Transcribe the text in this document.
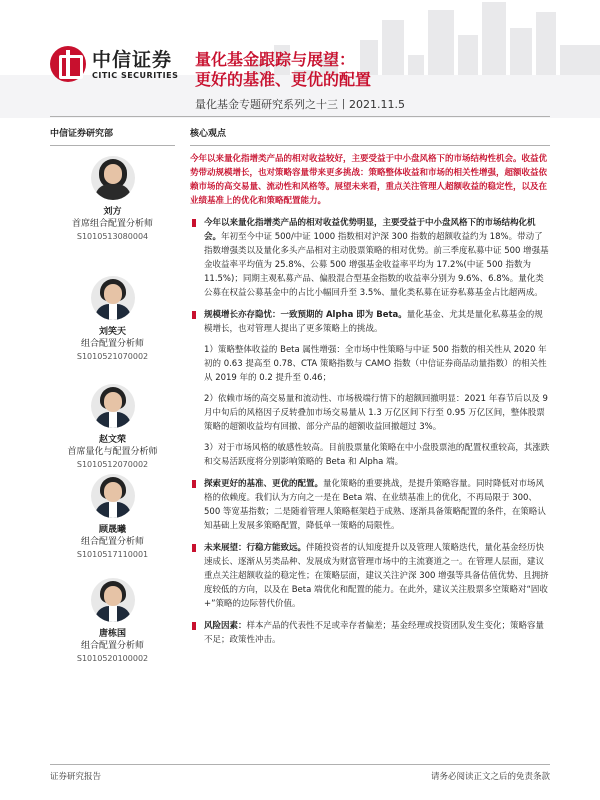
中信证券
CITIC SECURITIES
量化基金跟踪与展望：
更好的基准、更优的配置
量化基金专题研究系列之十三丨2021.11.5
中信证券研究部
刘方
首席组合配置分析师
S1010513080004
刘笑天
组合配置分析师
S1010521070002
赵文荣
首席量化与配置分析师
S1010512070002
顾晟曦
组合配置分析师
S1010517110001
唐栋国
组合配置分析师
S1010520100002
核心观点
今年以来量化指增类产品的相对收益较好，主要受益于中小盘风格下的市场结构性机会。收益优势带动规模增长，也对策略容量带来更多挑战：策略整体收益和市场的相关性增强，超额收益依赖市场的高交易量、流动性和风格等。展望未来看，重点关注管理人超额收益的稳定性，以及在业绩基准上的优化和策略配置能力。
今年以来量化指增类产品的相对收益优势明显，主要受益于中小盘风格下的市场结构化机会。年初至今中证 500/中证 1000 指数相对沪深 300 指数的超额收益约为 18%。带动了指数增强类以及量化多头产品相对主动股票策略的相对优势。前三季度私募中证 500 增强基金收益率平均值为 25.8%、公募 500 增强基金收益率平均为 17.2%(中证 500 指数为 11.5%)；同期主观私募产品、偏股混合型基金指数的收益率分别为 9.6%、6.8%。量化类公募在权益公募基金中的占比小幅回升至 3.5%、量化类私募在证券私募基金占比超两成。
规模增长亦存隐忧：一致预期的 Alpha 即为 Beta。量化基金、尤其是量化私募基金的规模增长，也对管理人提出了更多策略上的挑战。
1）策略整体收益的 Beta 属性增强：全市场中性策略与中证 500 指数的相关性从 2020 年初的 0.63 提高至 0.78、CTA 策略指数与 CAMO 指数（中信证券商品动量指数）的相关性从 2019 年的 0.2 提升至 0.46；
2）依赖市场的高交易量和流动性、市场极端行情下的超额回撤明显：2021 年春节后以及 9 月中旬后的风格因子反转叠加市场交易量从 1.3 万亿区间下行至 0.95 万亿区间，整体股票策略的超额收益均有回撤、部分产品的超额收益回撤超过 3%。
3）对于市场风格的敏感性较高。目前股票量化策略在中小盘股票池的配置权重较高，其涨跌和交易活跃度将分别影响策略的 Beta 和 Alpha 端。
探索更好的基准、更优的配置。量化策略的重要挑战，是提升策略容量。同时降低对市场风格的依赖度。我们认为方向之一是在 Beta 端、在业绩基准上的优化，不再局限于 300、500 等宽基指数；二是随着管理人策略框架趋于成熟、逐渐具备策略配置的条件，在策略认知基础上发展多策略配置，降低单一策略的局限性。
未来展望：行稳方能致远。伴随投资者的认知度提升以及管理人策略迭代，量化基金经历快速成长、逐渐从另类品种、发展成为财富管理市场中的主流赛道之一。在管理人层面，建议重点关注超额收益的稳定性；在策略层面，建议关注沪深 300 增强等具备估值优势、且拥挤度较低的方向，以及在 Beta 端优化和配置的能力。在此外，建议关注股票多空策略对“固收+”策略的边际替代价值。
风险因素：样本产品的代表性不足或幸存者偏差；基金经理或投资团队发生变化；策略容量不足；政策性冲击。
证券研究报告	请务必阅读正文之后的免责条款
